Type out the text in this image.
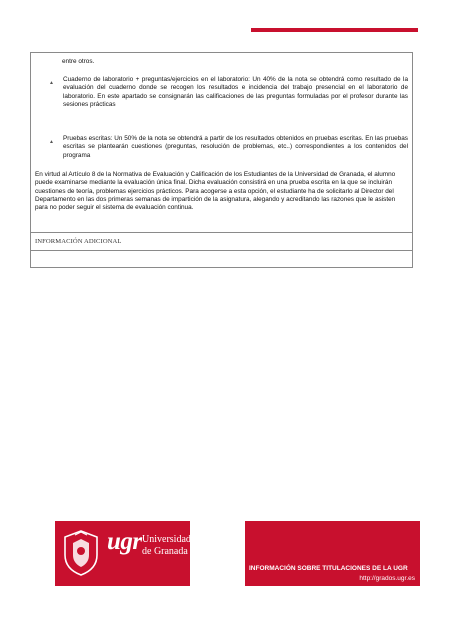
entre otros.
▲ Cuaderno de laboratorio + preguntas/ejercicios en el laboratorio: Un 40% de la nota se obtendrá como resultado de la evaluación del cuaderno donde se recogen los resultados e incidencia del trabajo presencial en el laboratorio de laboratorio. En este apartado se consignarán las calificaciones de las preguntas formuladas por el profesor durante las sesiones prácticas
▲ Pruebas escritas: Un 50% de la nota se obtendrá a partir de los resultados obtenidos en pruebas escritas. En las pruebas escritas se plantearán cuestiones (preguntas, resolución de problemas, etc..) correspondientes a los contenidos del programa
En virtud al Artículo 8 de la Normativa de Evaluación y Calificación de los Estudiantes de la Universidad de Granada, el alumno puede examinarse mediante la evaluación única final. Dicha evaluación consistirá en una prueba escrita en la que se incluirán cuestiones de teoría, problemas ejercicios prácticos. Para acogerse a esta opción, el estudiante ha de solicitarlo al Director del Departamento en las dos primeras semanas de impartición de la asignatura, alegando y acreditando las razones que le asisten para no poder seguir el sistema de evaluación continua.
INFORMACIÓN ADICIONAL
ugr Universidad
de Granada
INFORMACIÓN SOBRE TITULACIONES DE LA UGR
http://grados.ugr.es
